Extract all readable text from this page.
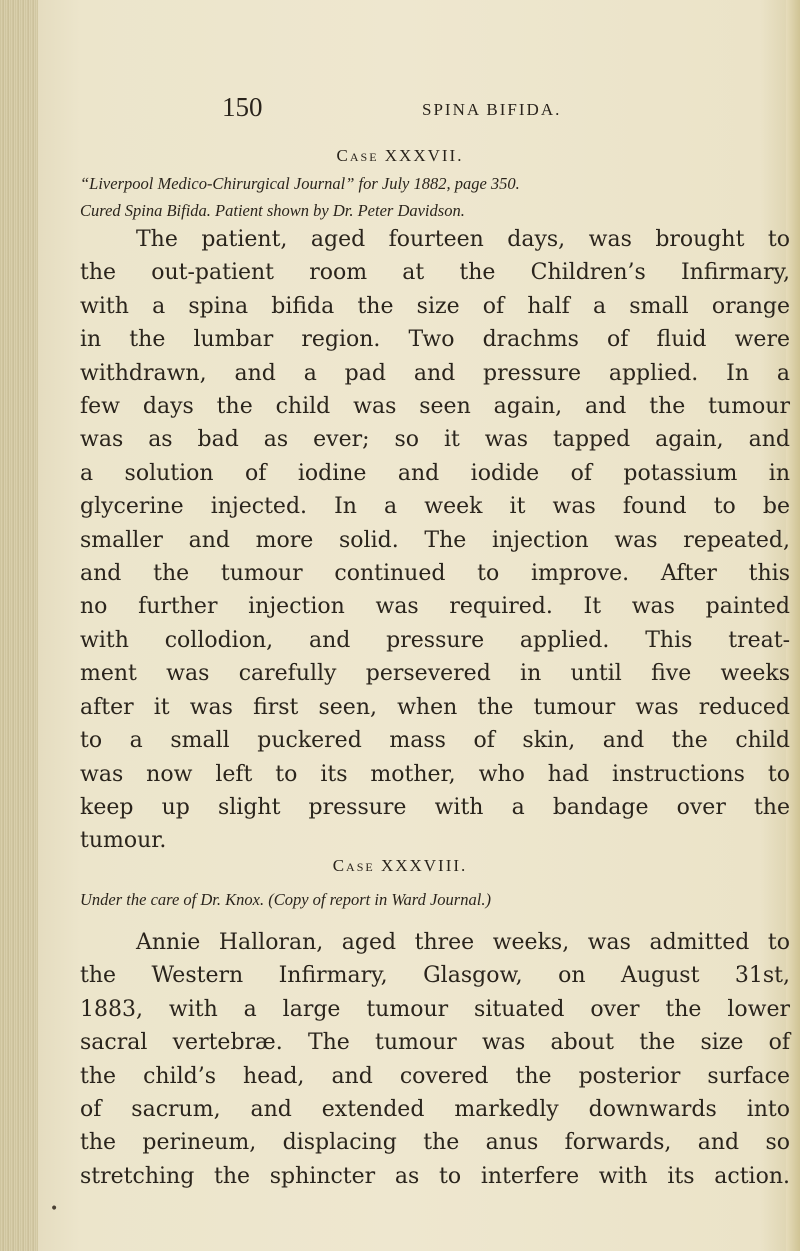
150	SPINA BIFIDA.
Case XXXVII.
“Liverpool Medico-Chirurgical Journal” for July 1882, page 350.
Cured Spina Bifida. Patient shown by Dr. Peter Davidson.
The patient, aged fourteen days, was brought to
the out-patient room at the Children’s Infirmary,
with a spina bifida the size of half a small orange
in the lumbar region. Two drachms of fluid were
withdrawn, and a pad and pressure applied. In a
few days the child was seen again, and the tumour
was as bad as ever; so it was tapped again, and
a solution of iodine and iodide of potassium in
glycerine injected. In a week it was found to be
smaller and more solid. The injection was repeated,
and the tumour continued to improve. After this
no further injection was required. It was painted
with collodion, and pressure applied. This treat-
ment was carefully persevered in until five weeks
after it was first seen, when the tumour was reduced
to a small puckered mass of skin, and the child
was now left to its mother, who had instructions to
keep up slight pressure with a bandage over the
tumour.
Case XXXVIII.
Under the care of Dr. Knox. (Copy of report in Ward Journal.)
Annie Halloran, aged three weeks, was admitted to
the Western Infirmary, Glasgow, on August 31st,
1883, with a large tumour situated over the lower
sacral vertebræ. The tumour was about the size of
the child’s head, and covered the posterior surface
of sacrum, and extended markedly downwards into
the perineum, displacing the anus forwards, and so
stretching the sphincter as to interfere with its action.
•
